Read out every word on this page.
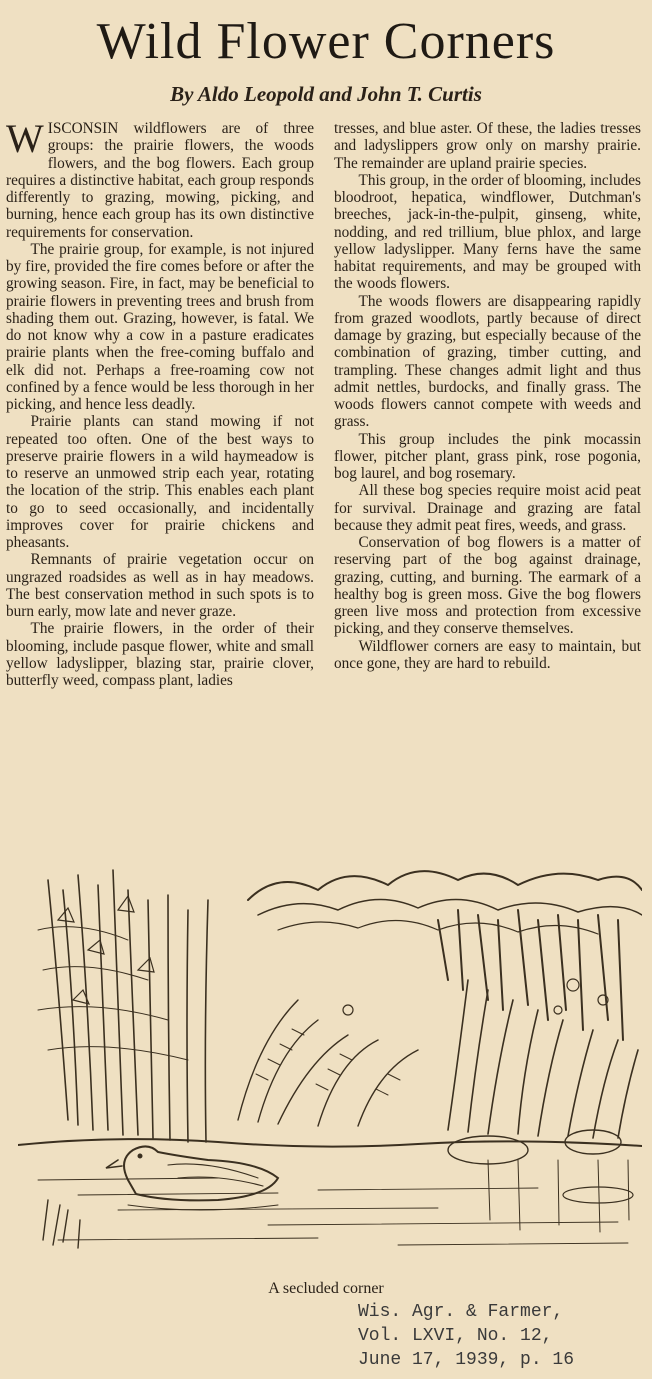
Wild Flower Corners
By Aldo Leopold and John T. Curtis

WISCONSIN wildflowers are of three groups: the prairie flowers, the woods flowers, and the bog flowers. Each group requires a distinctive habitat, each group responds differently to grazing, mowing, picking, and burning, hence each group has its own distinctive requirements for conservation.

The prairie group, for example, is not injured by fire, provided the fire comes before or after the growing season. Fire, in fact, may be beneficial to prairie flowers in preventing trees and brush from shading them out. Grazing, however, is fatal. We do not know why a cow in a pasture eradicates prairie plants when the free-coming buffalo and elk did not. Perhaps a free-roaming cow not confined by a fence would be less thorough in her picking, and hence less deadly.

Prairie plants can stand mowing if not repeated too often. One of the best ways to preserve prairie flowers in a wild haymeadow is to reserve an unmowed strip each year, rotating the location of the strip. This enables each plant to go to seed occasionally, and incidentally improves cover for prairie chickens and pheasants.

Remnants of prairie vegetation occur on ungrazed roadsides as well as in hay meadows. The best conservation method in such spots is to burn early, mow late and never graze.

The prairie flowers, in the order of their blooming, include pasque flower, white and small yellow ladyslipper, blazing star, prairie clover, butterfly weed, compass plant, ladies

tresses, and blue aster. Of these, the ladies tresses and ladyslippers grow only on marshy prairie. The remainder are upland prairie species.

This group, in the order of blooming, includes bloodroot, hepatica, windflower, Dutchman's breeches, jack-in-the-pulpit, ginseng, white, nodding, and red trillium, blue phlox, and large yellow ladyslipper. Many ferns have the same habitat requirements, and may be grouped with the woods flowers.

The woods flowers are disappearing rapidly from grazed woodlots, partly because of direct damage by grazing, but especially because of the combination of grazing, timber cutting, and trampling. These changes admit light and thus admit nettles, burdocks, and finally grass. The woods flowers cannot compete with weeds and grass.

This group includes the pink mocassin flower, pitcher plant, grass pink, rose pogonia, bog laurel, and bog rosemary.

All these bog species require moist acid peat for survival. Drainage and grazing are fatal because they admit peat fires, weeds, and grass.

Conservation of bog flowers is a matter of reserving part of the bog against drainage, grazing, cutting, and burning. The earmark of a healthy bog is green moss. Give the bog flowers green live moss and protection from excessive picking, and they conserve themselves.

Wildflower corners are easy to maintain, but once gone, they are hard to rebuild.

A secluded corner
Wis. Agr. & Farmer,
Vol. LXVI, No. 12,
June 17, 1939, p. 16
